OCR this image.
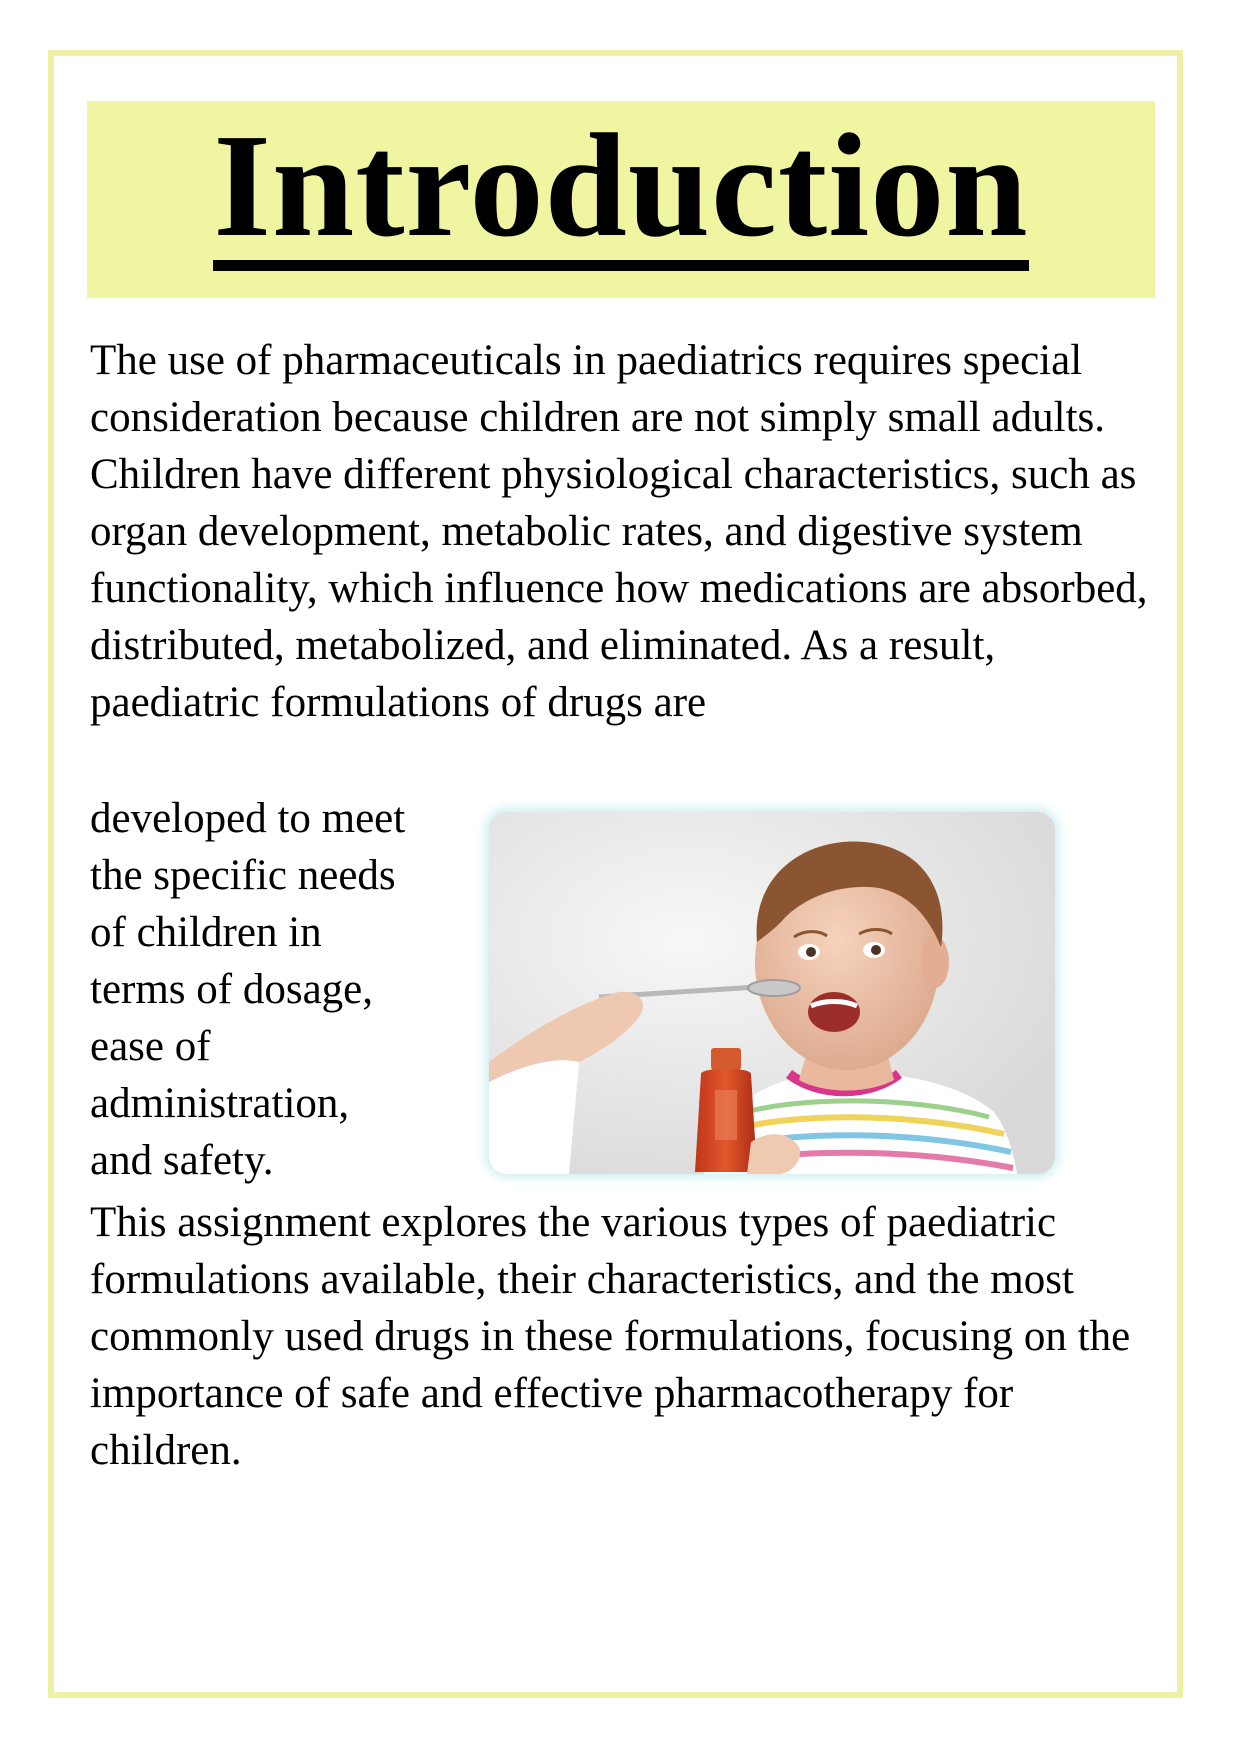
Introduction

The use of pharmaceuticals in paediatrics requires special consideration because children are not simply small adults. Children have different physiological characteristics, such as organ development, metabolic rates, and digestive system functionality, which influence how medications are absorbed, distributed, metabolized, and eliminated. As a result, paediatric formulations of drugs are

developed to meet
the specific needs
of children in
terms of dosage,
ease of
administration,
and safety.

This assignment explores the various types of paediatric formulations available, their characteristics, and the most commonly used drugs in these formulations, focusing on the importance of safe and effective pharmacotherapy for children.
